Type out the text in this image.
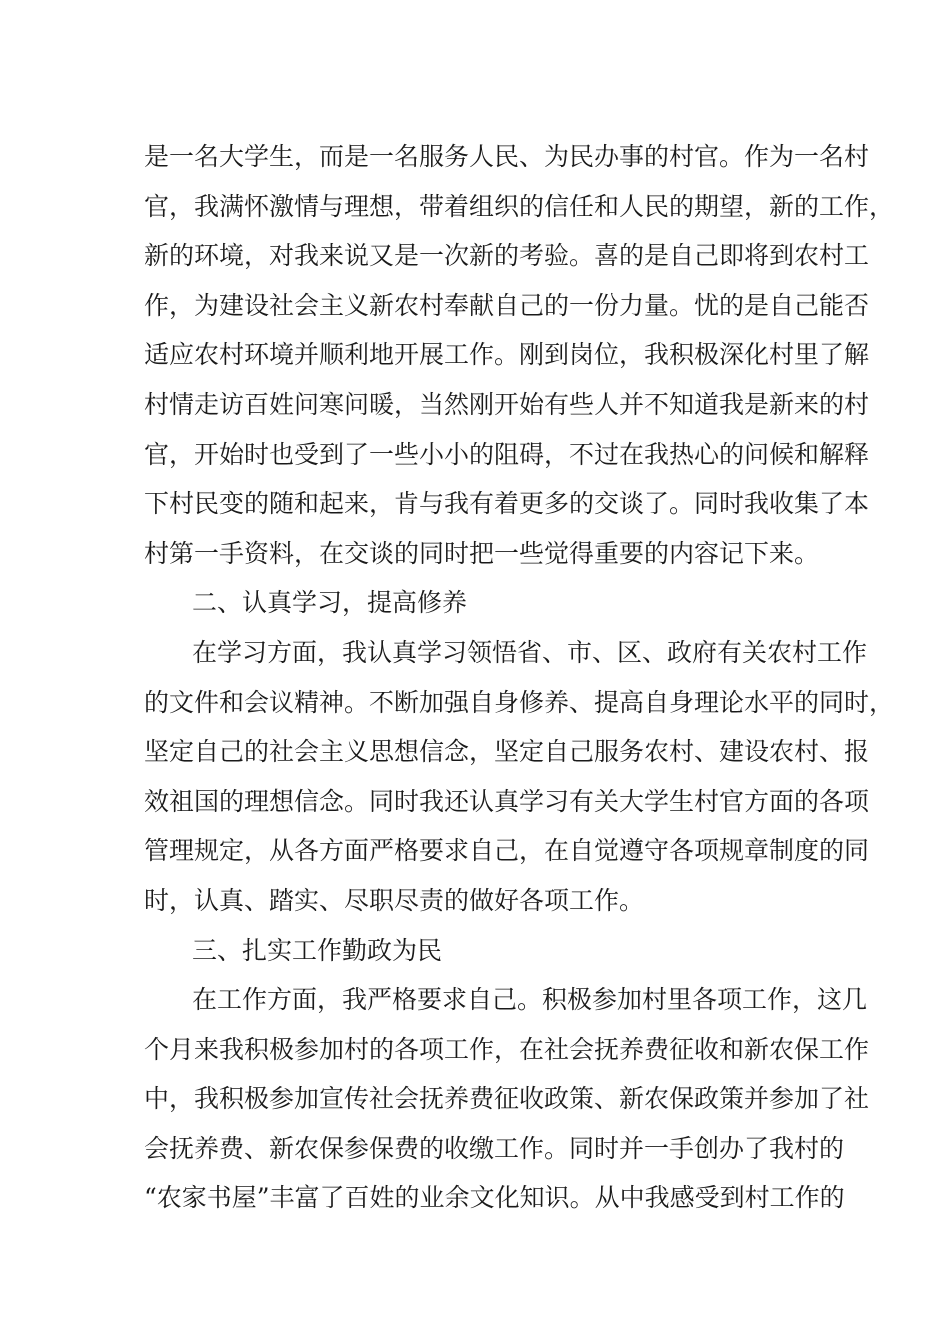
是一名大学生，而是一名服务人民、为民办事的村官。作为一名村
官，我满怀激情与理想，带着组织的信任和人民的期望，新的工作，
新的环境，对我来说又是一次新的考验。喜的是自己即将到农村工
作，为建设社会主义新农村奉献自己的一份力量。忧的是自己能否
适应农村环境并顺利地开展工作。刚到岗位，我积极深化村里了解
村情走访百姓问寒问暖，当然刚开始有些人并不知道我是新来的村
官，开始时也受到了一些小小的阻碍，不过在我热心的问候和解释
下村民变的随和起来，肯与我有着更多的交谈了。同时我收集了本
村第一手资料，在交谈的同时把一些觉得重要的内容记下来。
二、认真学习，提高修养
在学习方面，我认真学习领悟省、市、区、政府有关农村工作
的文件和会议精神。不断加强自身修养、提高自身理论水平的同时，
坚定自己的社会主义思想信念，坚定自己服务农村、建设农村、报
效祖国的理想信念。同时我还认真学习有关大学生村官方面的各项
管理规定，从各方面严格要求自己，在自觉遵守各项规章制度的同
时，认真、踏实、尽职尽责的做好各项工作。
三、扎实工作勤政为民
在工作方面，我严格要求自己。积极参加村里各项工作，这几
个月来我积极参加村的各项工作，在社会抚养费征收和新农保工作
中，我积极参加宣传社会抚养费征收政策、新农保政策并参加了社
会抚养费、新农保参保费的收缴工作。同时并一手创办了我村的
“农家书屋”丰富了百姓的业余文化知识。从中我感受到村工作的
